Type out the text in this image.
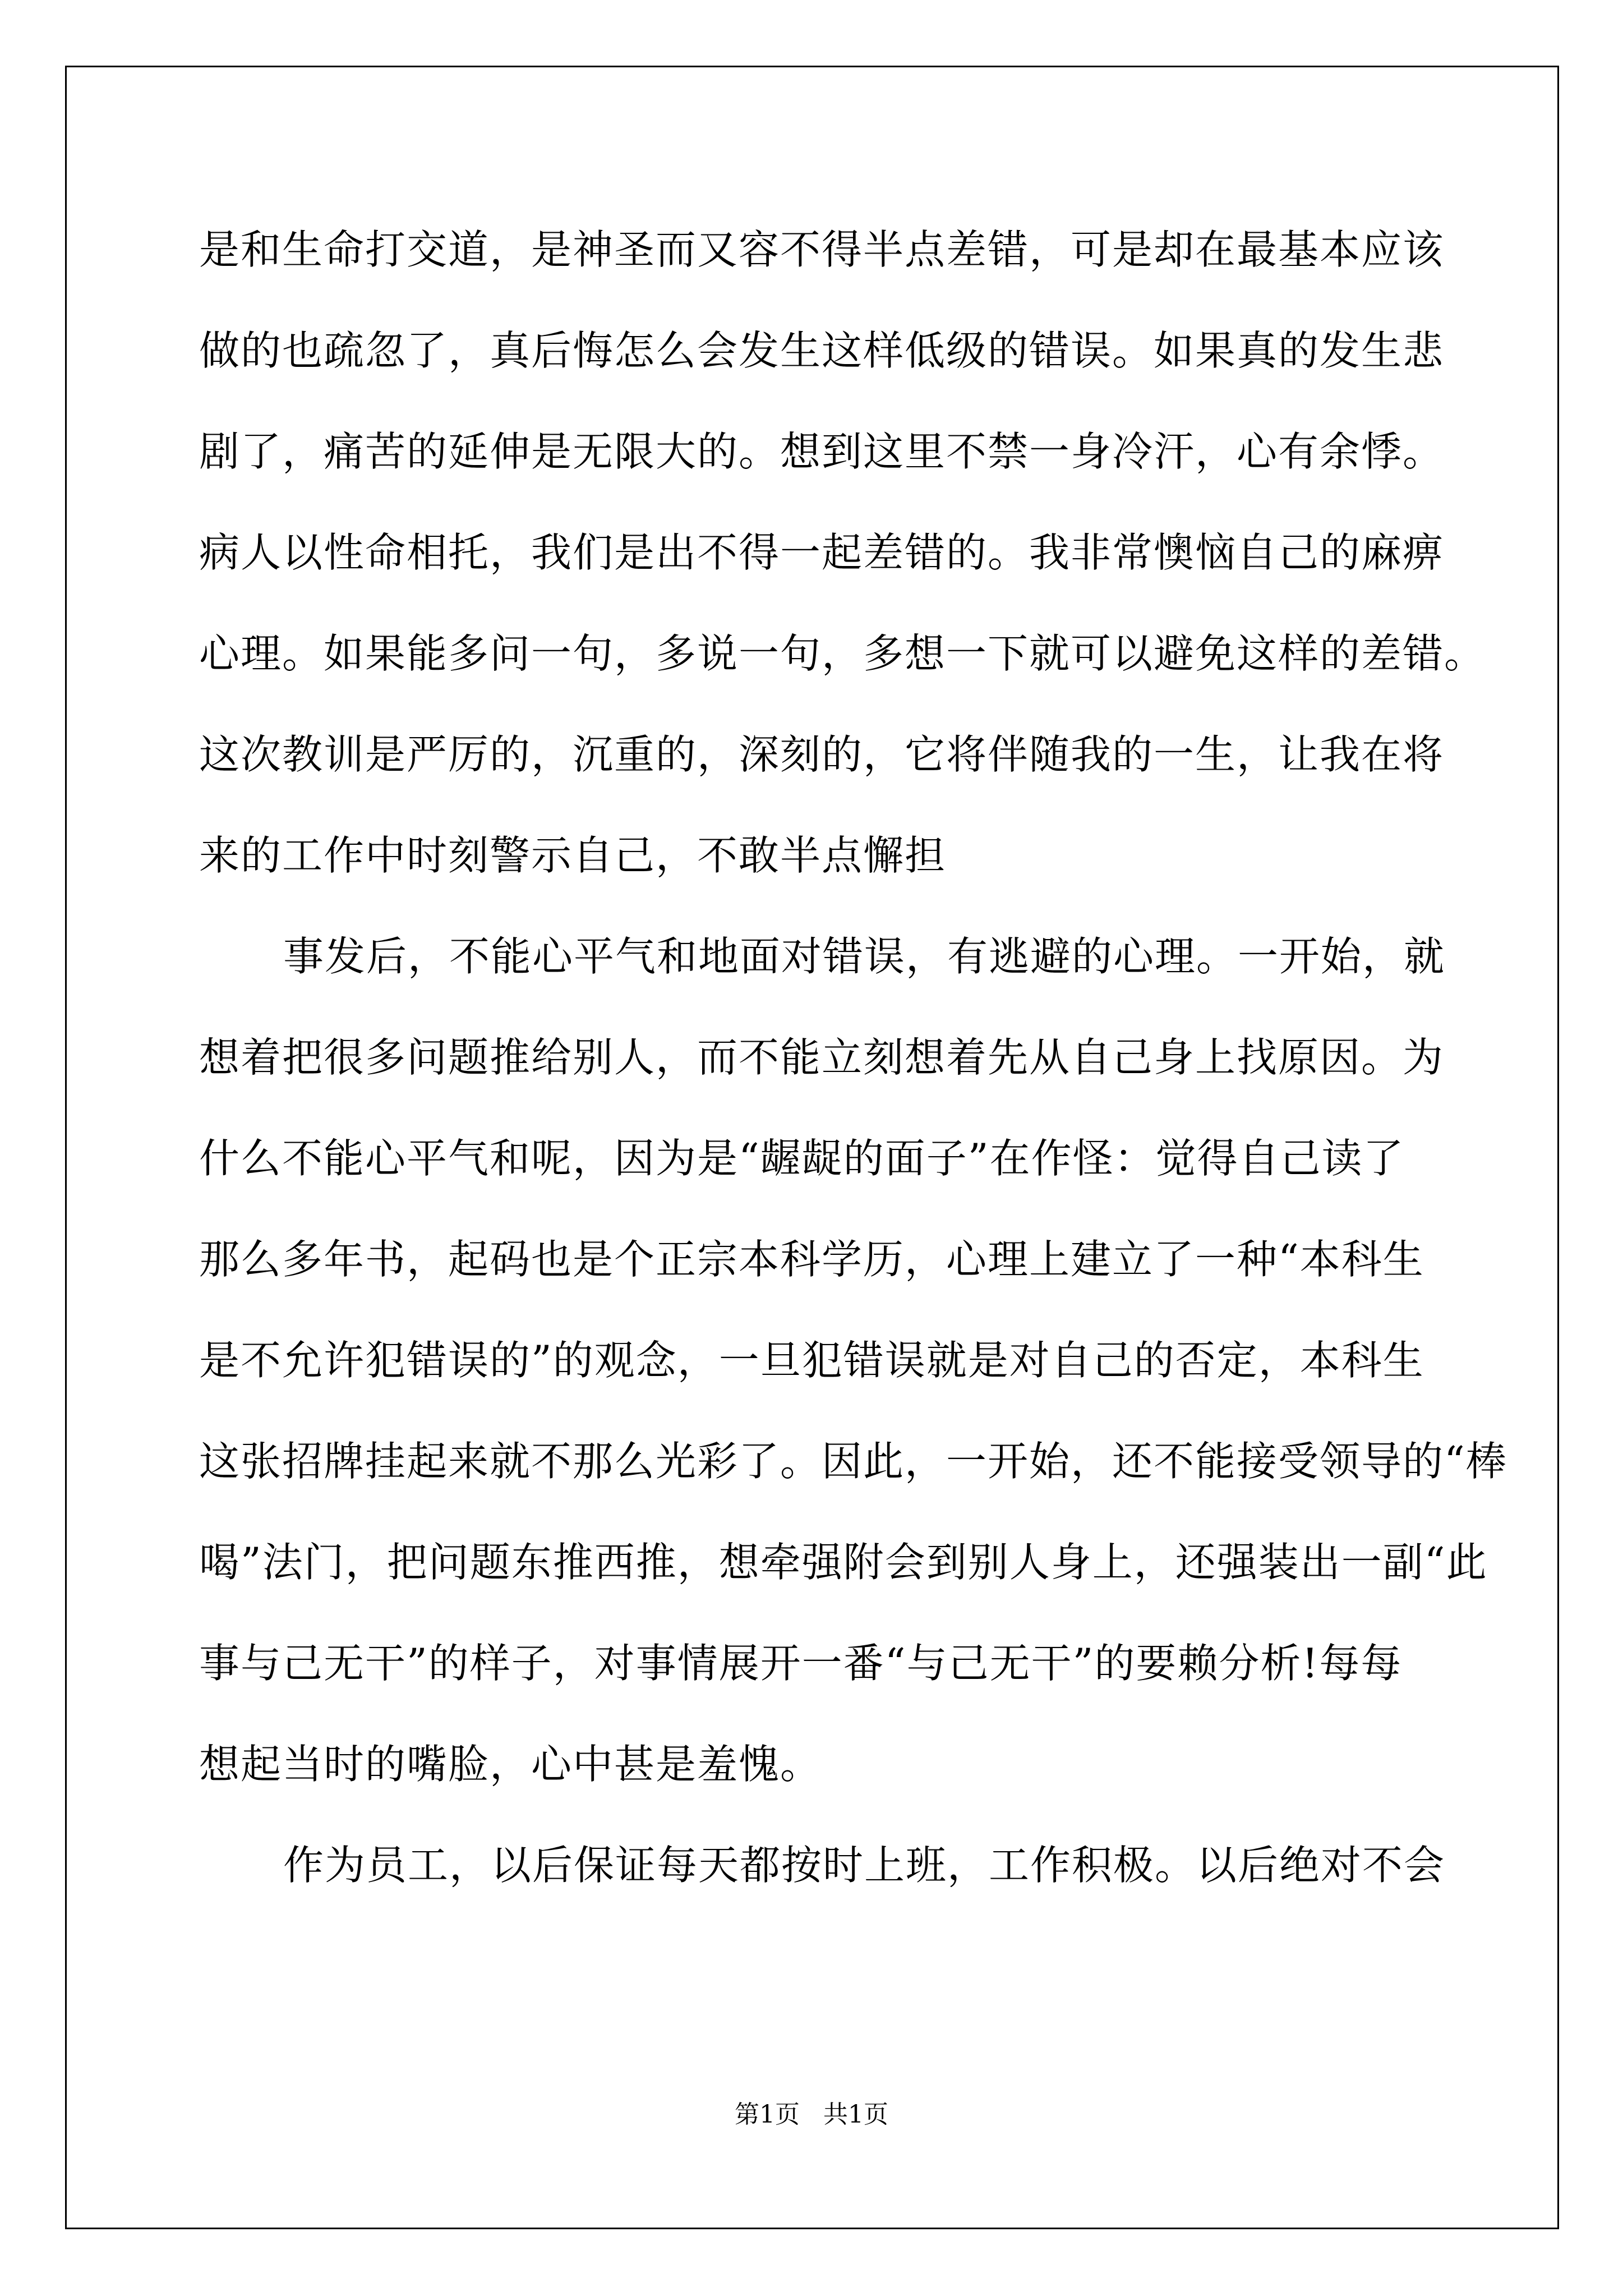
是和生命打交道，是神圣而又容不得半点差错，可是却在最基本应该
做的也疏忽了，真后悔怎么会发生这样低级的错误。如果真的发生悲
剧了，痛苦的延伸是无限大的。想到这里不禁一身冷汗，心有余悸。
病人以性命相托，我们是出不得一起差错的。我非常懊恼自己的麻痹
心理。如果能多问一句，多说一句，多想一下就可以避免这样的差错。
这次教训是严厉的，沉重的，深刻的，它将伴随我的一生，让我在将
来的工作中时刻警示自己，不敢半点懈担
事发后，不能心平气和地面对错误，有逃避的心理。一开始，就
想着把很多问题推给别人，而不能立刻想着先从自己身上找原因。为
什么不能心平气和呢，因为是“龌龊的面子”在作怪：觉得自己读了
那么多年书，起码也是个正宗本科学历，心理上建立了一种“本科生
是不允许犯错误的”的观念，一旦犯错误就是对自己的否定，本科生
这张招牌挂起来就不那么光彩了。因此，一开始，还不能接受领导的“棒
喝”法门，把问题东推西推，想牵强附会到别人身上，还强装出一副“此
事与己无干”的样子，对事情展开一番“与己无干”的要赖分析!每每
想起当时的嘴脸，心中甚是羞愧。
作为员工，以后保证每天都按时上班，工作积极。以后绝对不会
第1页   共1页
